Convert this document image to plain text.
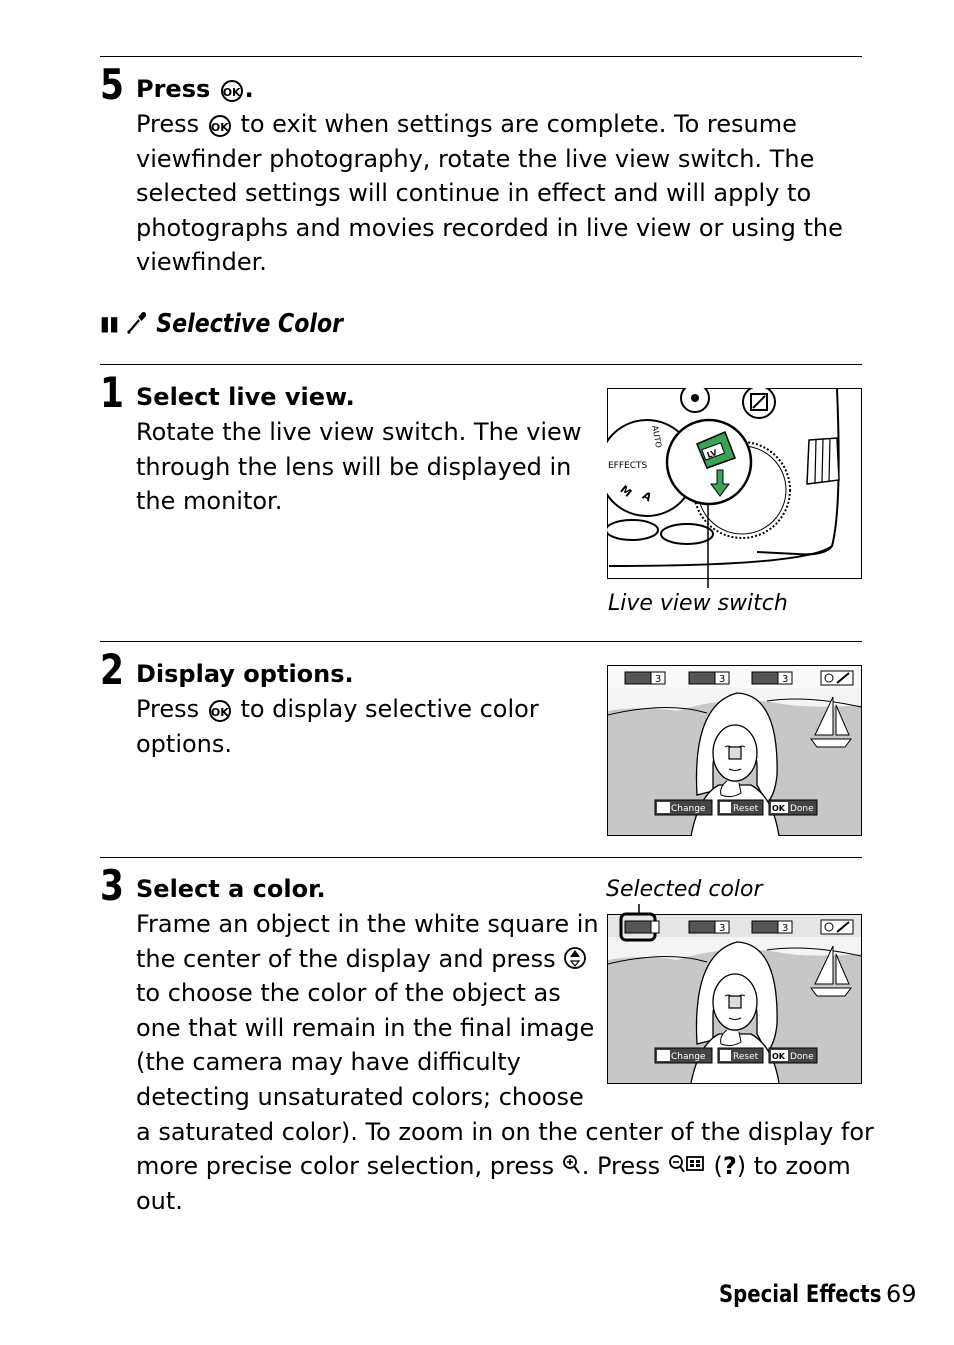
5 Press OK .
Press OK to exit when settings are complete. To resume
viewfinder photography, rotate the live view switch. The
selected settings will continue in effect and will apply to
photographs and movies recorded in live view or using the
viewfinder.
▮▮ Selective Color
1 Select live view.
Rotate the live view switch. The view
through the lens will be displayed in
the monitor.
EFFECTS
AUTO
A
M
LV
Live view switch
2 Display options.
Press OK to display selective color
options.
3	3	3
OK
Change	Reset	Done
3 Select a color.	Selected color
Frame an object in the white square in
the center of the display and press
to choose the color of the object as
one that will remain in the final image
(the camera may have difficulty
detecting unsaturated colors; choose
a saturated color). To zoom in on the center of the display for
more precise color selection, press . Press (?) to zoom
out.
3	3
OK
Change	Reset	Done
Special Effects 69
